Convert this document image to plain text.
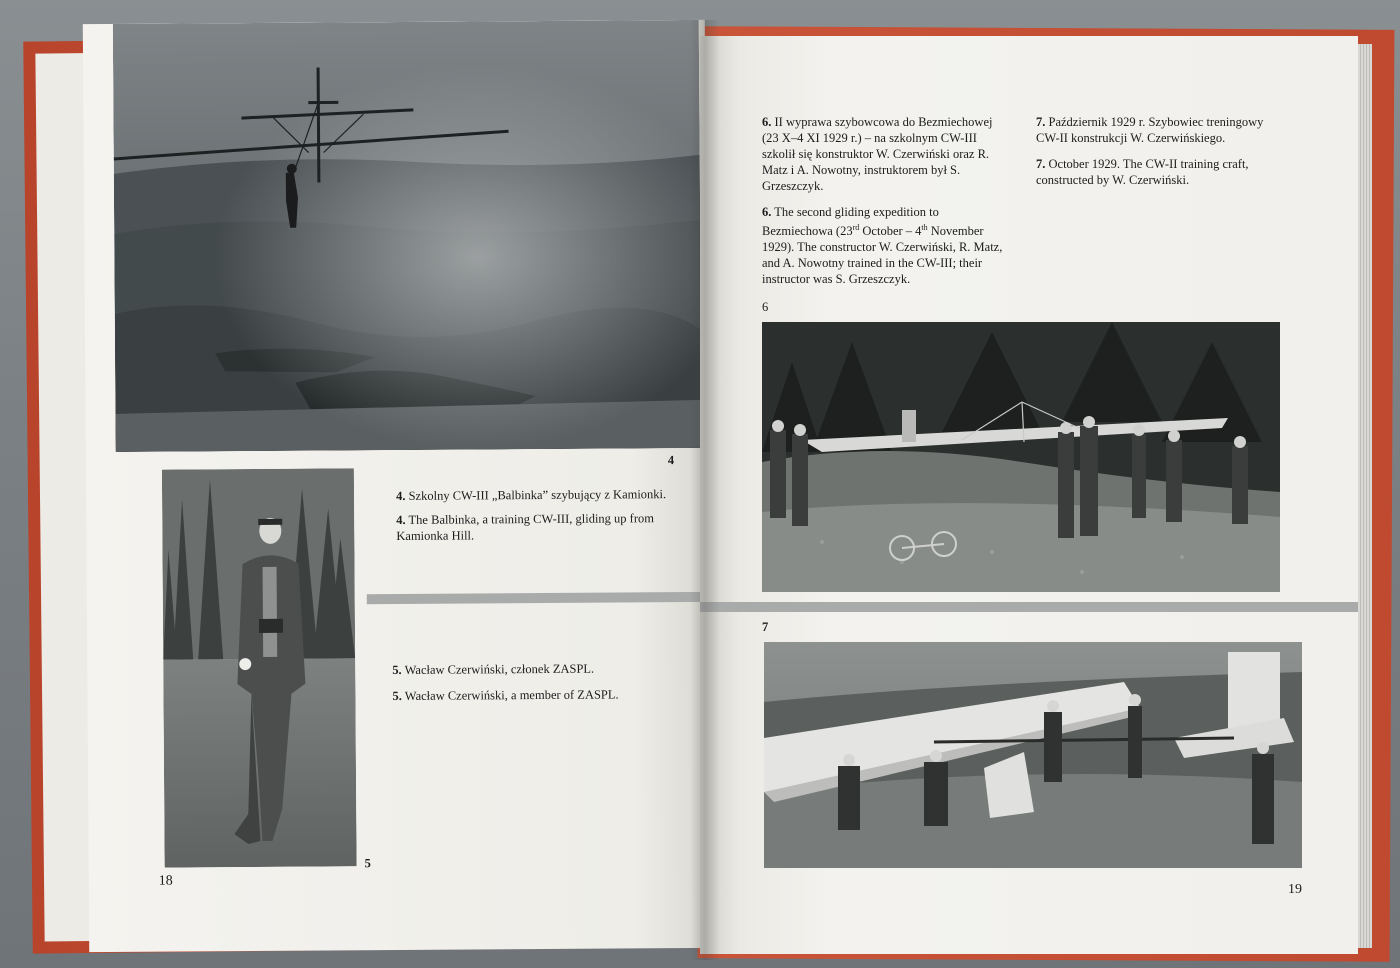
4
5

4. Szkolny CW-III „Balbinka” szybujący z Kamionki.

4. The Balbinka, a training CW-III, gliding up from Kamionka Hill.

5. Wacław Czerwiński, członek ZASPL.

5. Wacław Czerwiński, a member of ZASPL.

18

6. II wyprawa szybowcowa do Bezmiechowej (23 X–4 XI 1929 r.) – na szkolnym CW-III szkolił się konstruktor W. Czerwiński oraz R. Matz i A. Nowotny, instruktorem był S. Grzeszczyk.

6. The second gliding expedition to Bezmiechowa (23rd October – 4th November 1929). The constructor W. Czerwiński, R. Matz, and A. Nowotny trained in the CW-III; their instructor was S. Grzeszczyk.

7. Październik 1929 r. Szybowiec treningowy CW-II konstrukcji W. Czerwińskiego.

7. October 1929. The CW-II training craft, constructed by W. Czerwiński.

6
7
19
